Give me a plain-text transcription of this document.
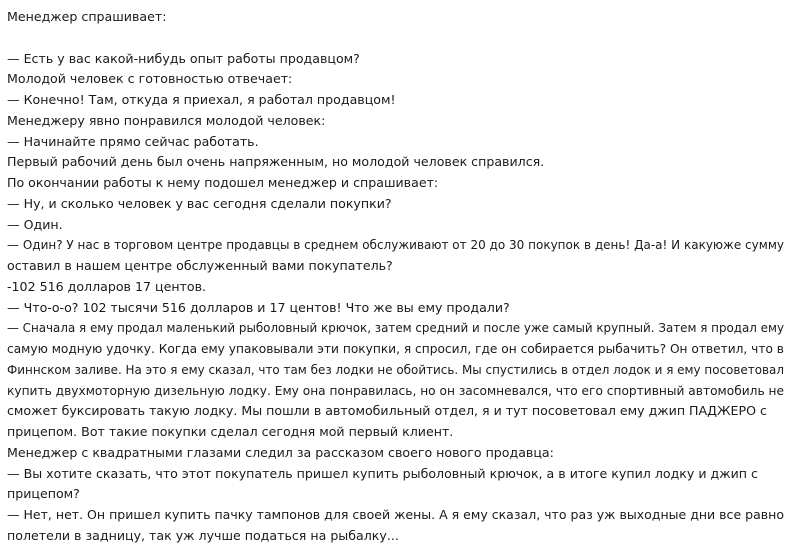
Менеджер спрашивает:
— Есть у вас какой-нибудь опыт работы продавцом?
Молодой человек с готовностью отвечает:
— Конечно! Там, откуда я приехал, я работал продавцом!
Менеджеру явно понравился молодой человек:
— Начинайте прямо сейчас работать.
Первый рабочий день был очень напряженным, но молодой человек справился.
По окончании работы к нему подошел менеджер и спрашивает:
— Ну, и сколько человек у вас сегодня сделали покупки?
— Один.
— Один? У нас в торговом центре продавцы в среднем обслуживают от 20 до 30 покупок в день! Да-а! И какуюже сумму
оставил в нашем центре обслуженный вами покупатель?
-102 516 долларов 17 центов.
— Что-о-о? 102 тысячи 516 долларов и 17 центов! Что же вы ему продали?
— Сначала я ему продал маленький рыболовный крючок, затем средний и после уже самый крупный. Затем я продал ему
самую модную удочку. Когда ему упаковывали эти покупки, я спросил, где он собирается рыбачить? Он ответил, что в
Финнском заливе. На это я ему сказал, что там без лодки не обойтись. Мы спустились в отдел лодок и я ему посоветовал
купить двухмоторную дизельную лодку. Ему она понравилась, но он засомневался, что его спортивный автомобиль не
сможет буксировать такую лодку. Мы пошли в автомобильный отдел, я и тут посоветовал ему джип ПАДЖЕРО с
прицепом. Вот такие покупки сделал сегодня мой первый клиент.
Менеджер с квадратными глазами следил за рассказом своего нового продавца:
— Вы хотите сказать, что этот покупатель пришел купить рыболовный крючок, а в итоге купил лодку и джип с
прицепом?
— Нет, нет. Он пришел купить пачку тампонов для своей жены. А я ему сказал, что раз уж выходные дни все равно
полетели в задницу, так уж лучше податься на рыбалку...
